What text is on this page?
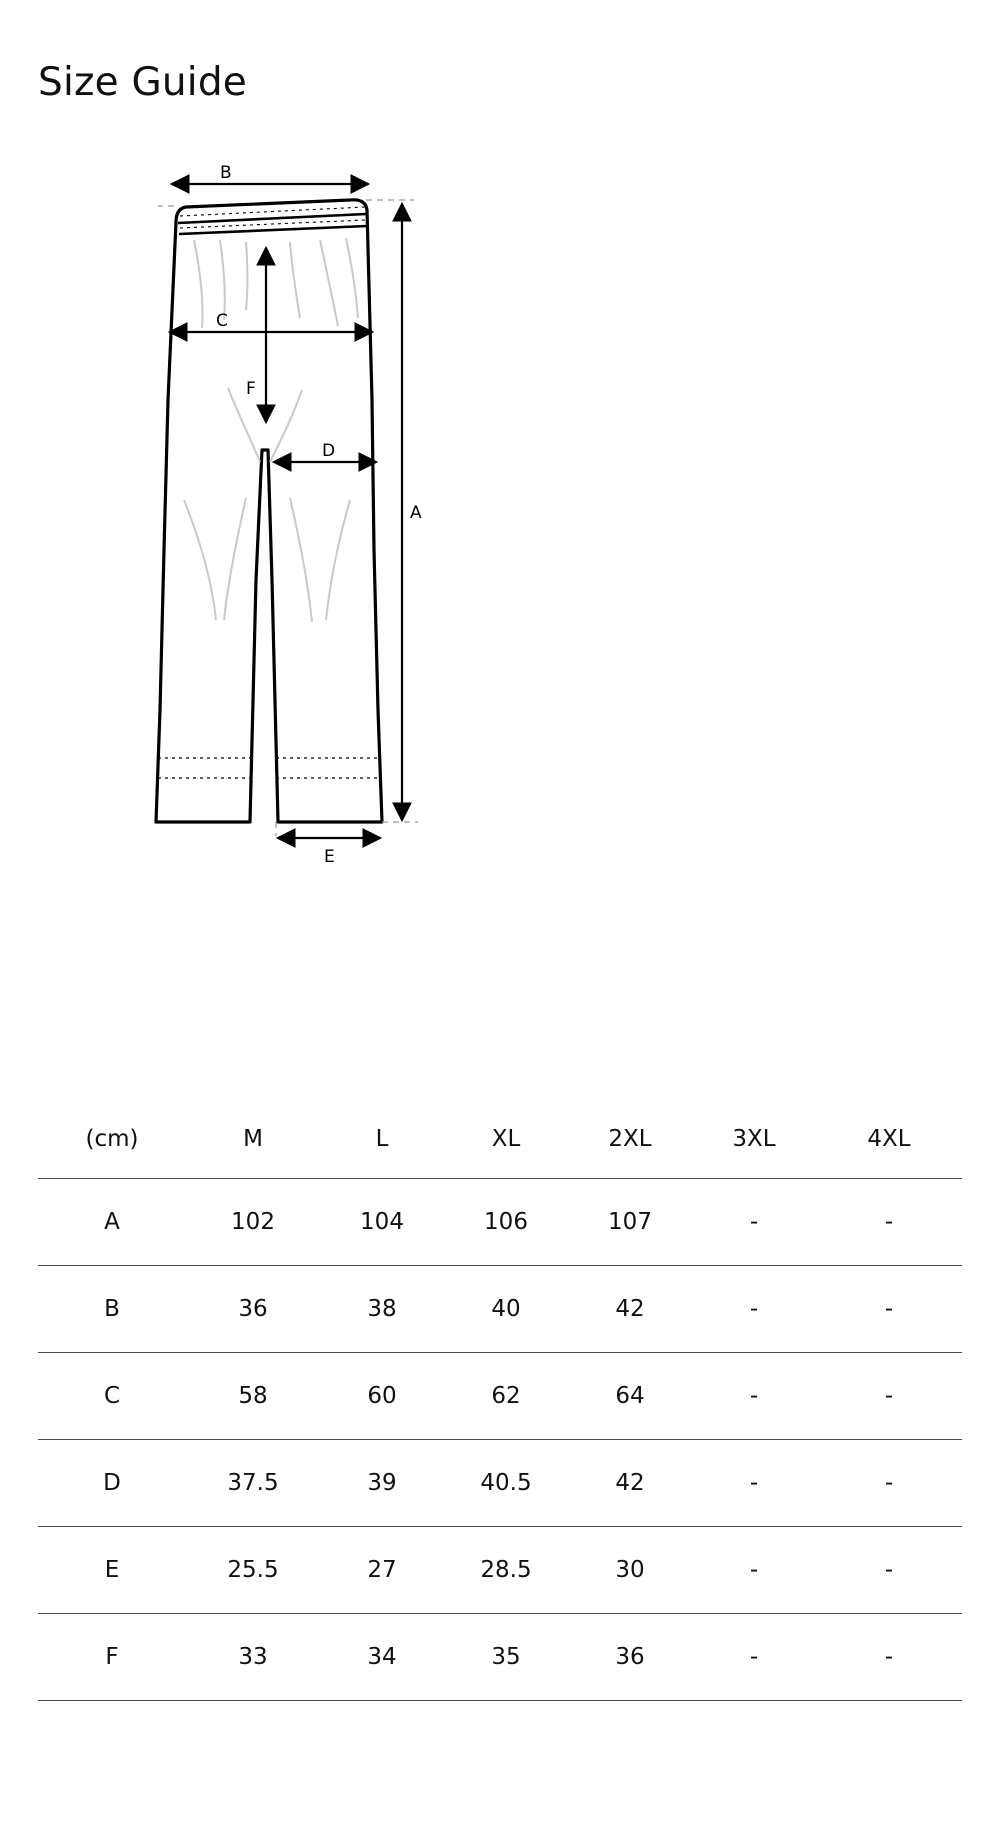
Size Guide
B
A
C
F
D
E
(cm)	M	L	XL	2XL	3XL	4XL
A	102	104	106	107	-	-
B	36	38	40	42	-	-
C	58	60	62	64	-	-
D	37.5	39	40.5	42	-	-
E	25.5	27	28.5	30	-	-
F	33	34	35	36	-	-
